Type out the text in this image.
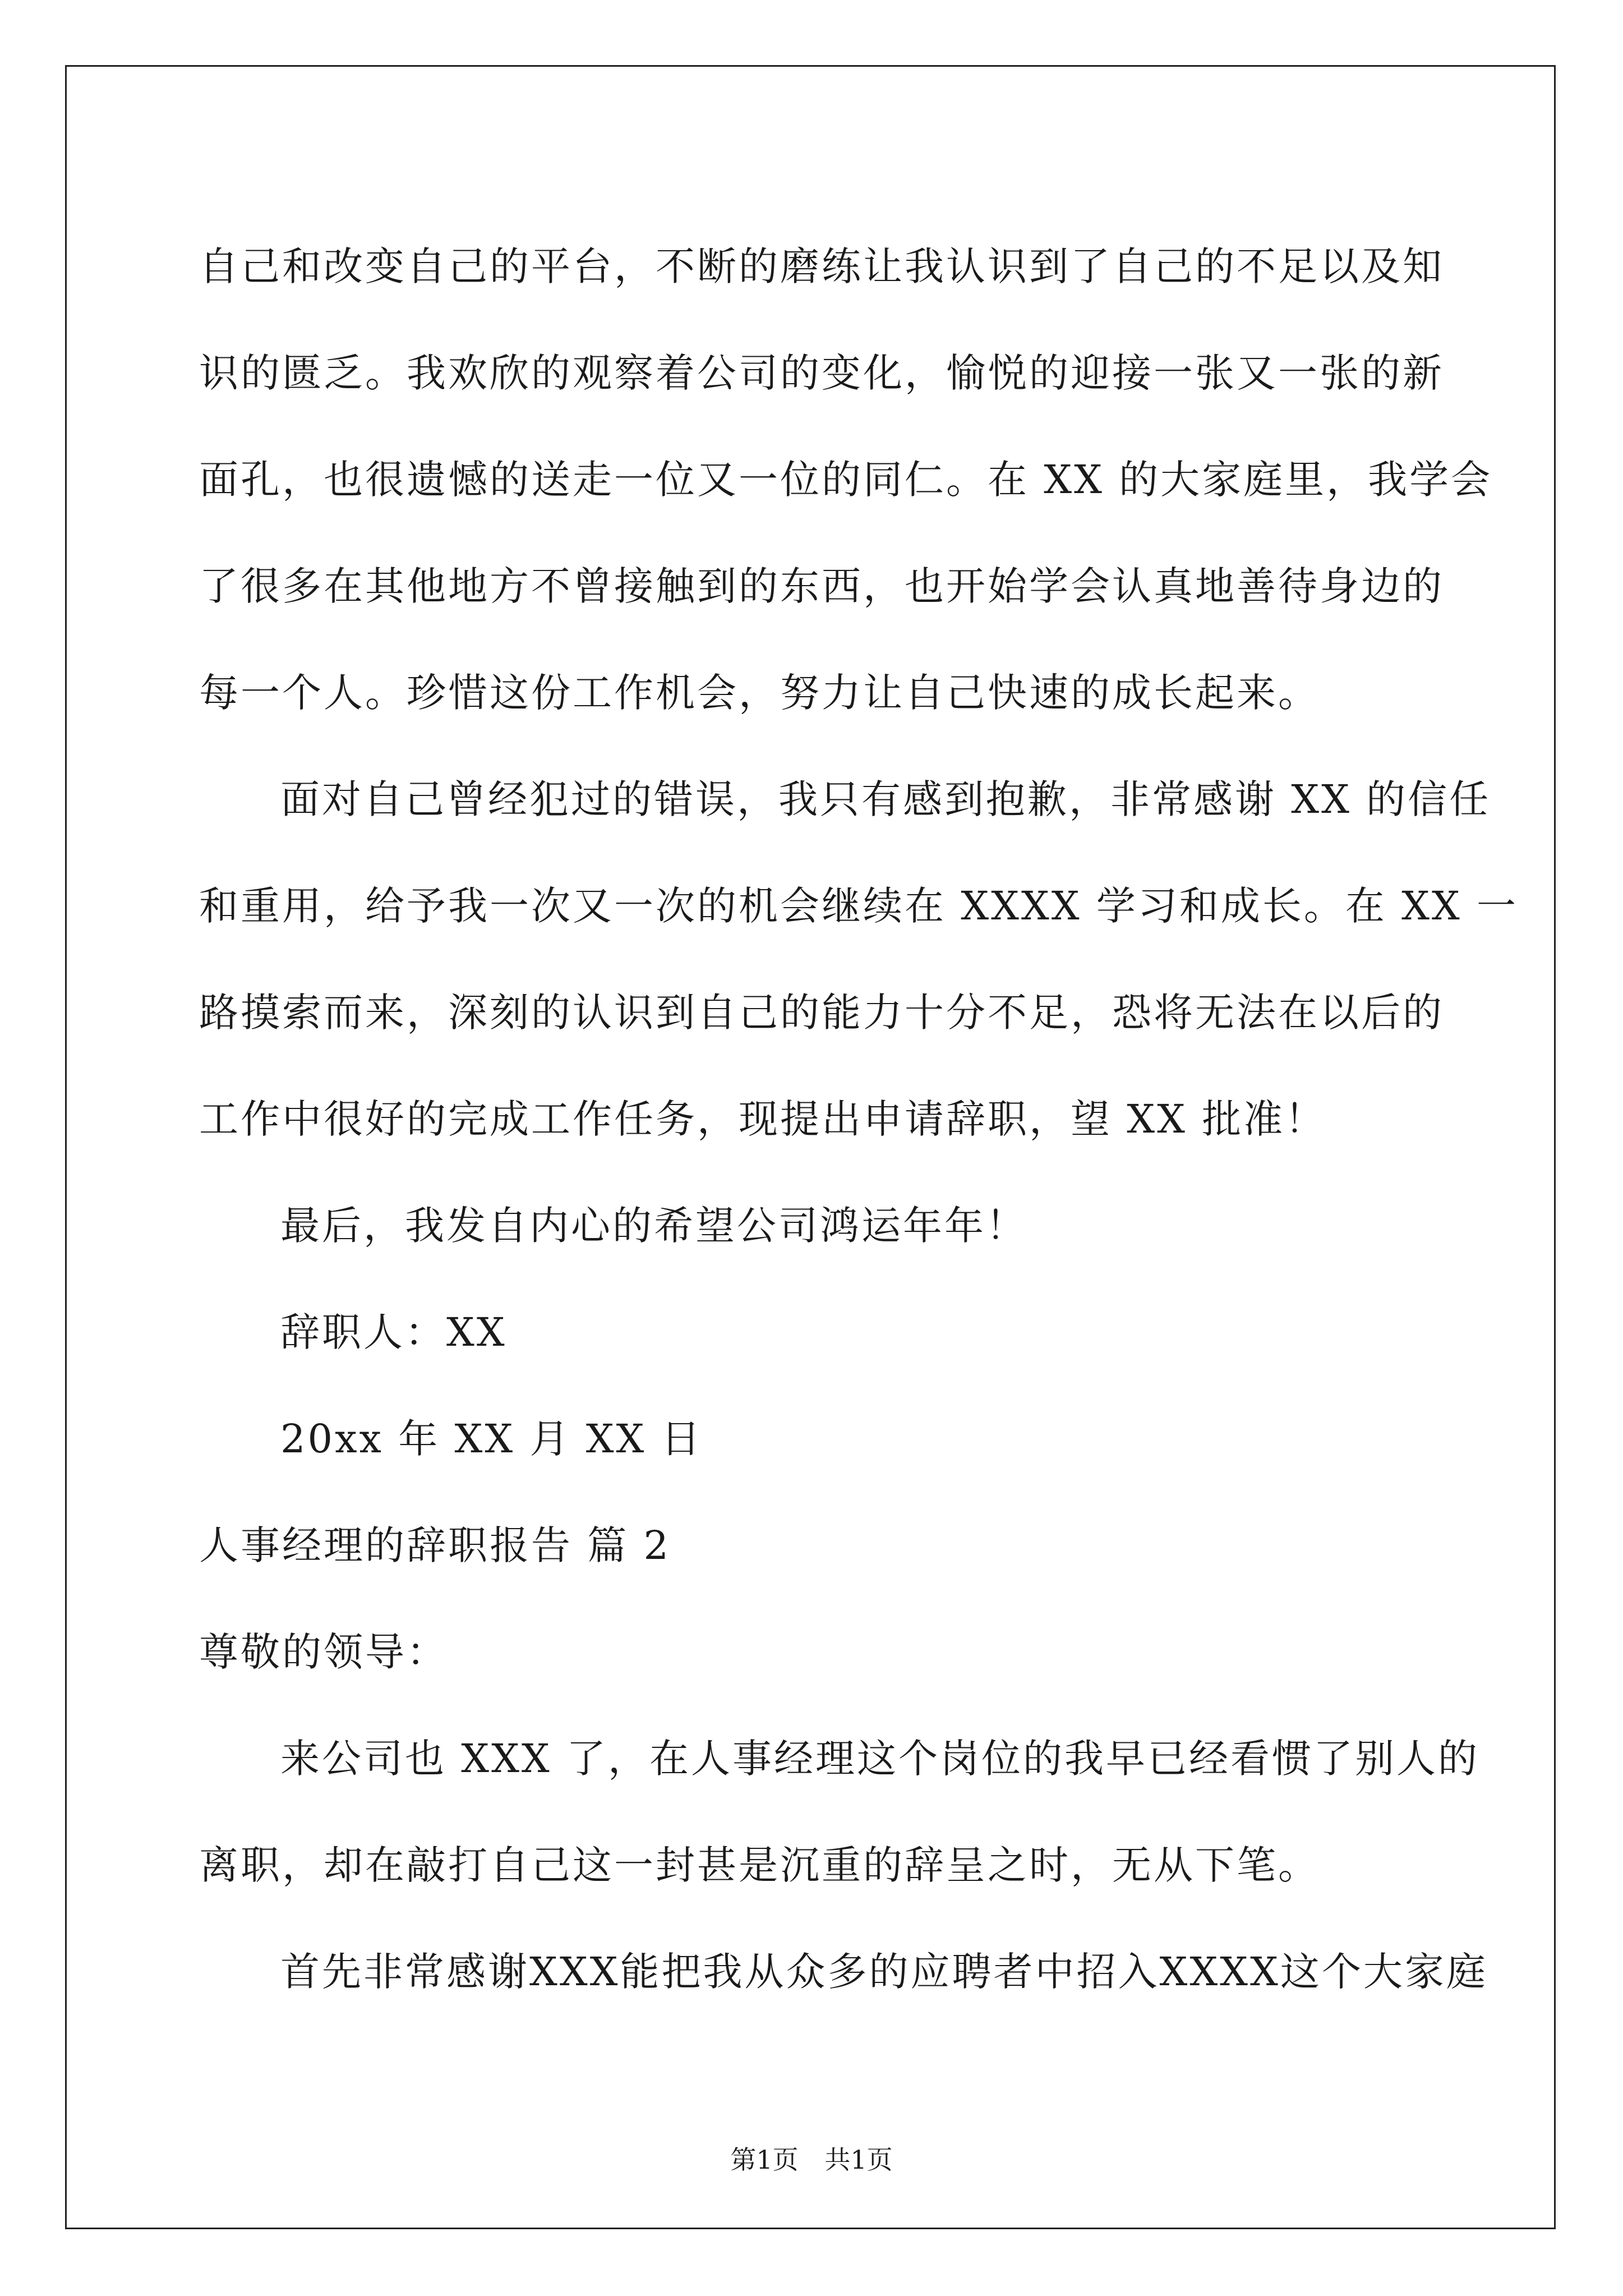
自己和改变自己的平台，不断的磨练让我认识到了自己的不足以及知
识的匮乏。我欢欣的观察着公司的变化，愉悦的迎接一张又一张的新
面孔，也很遗憾的送走一位又一位的同仁。在 XX 的大家庭里，我学会
了很多在其他地方不曾接触到的东西，也开始学会认真地善待身边的
每一个人。珍惜这份工作机会，努力让自己快速的成长起来。
面对自己曾经犯过的错误，我只有感到抱歉，非常感谢 XX 的信任
和重用，给予我一次又一次的机会继续在 XXXX 学习和成长。在 XX 一
路摸索而来，深刻的认识到自己的能力十分不足，恐将无法在以后的
工作中很好的完成工作任务，现提出申请辞职，望 XX 批准！
最后，我发自内心的希望公司鸿运年年！
辞职人：XX
20xx 年 XX 月 XX 日
人事经理的辞职报告 篇 2
尊敬的领导：
来公司也 XXX 了，在人事经理这个岗位的我早已经看惯了别人的
离职，却在敲打自己这一封甚是沉重的辞呈之时，无从下笔。
首先非常感谢XXX能把我从众多的应聘者中招入XXXX这个大家庭
第1页 共1页
